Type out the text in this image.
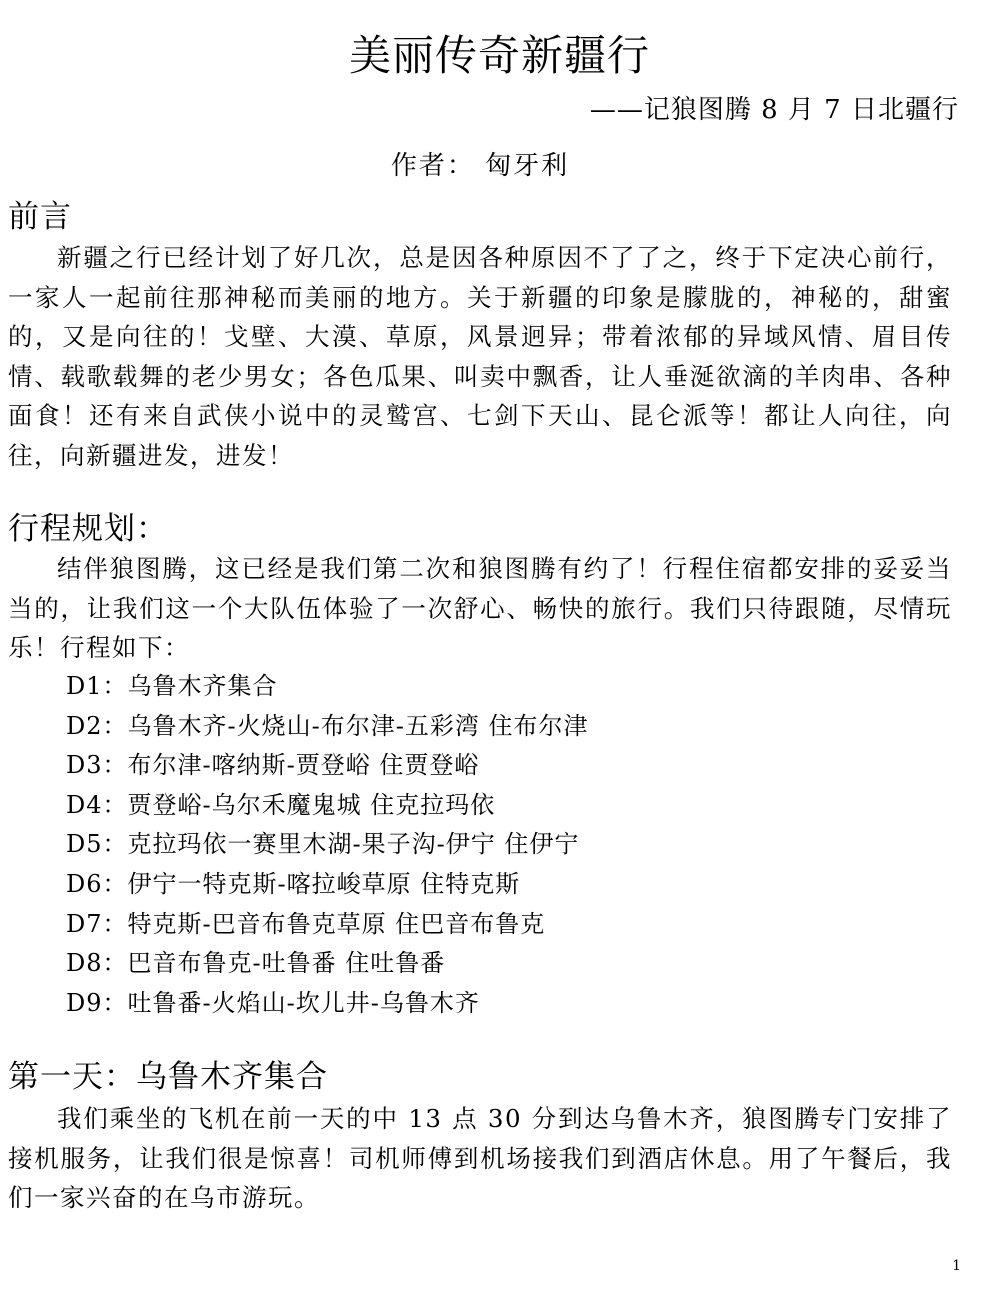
美丽传奇新疆行
——记狼图腾 8 月 7 日北疆行
作者： 匈牙利
前言
新疆之行已经计划了好几次，总是因各种原因不了了之，终于下定决心前行，一家人一起前往那神秘而美丽的地方。关于新疆的印象是朦胧的，神秘的，甜蜜的，又是向往的！戈壁、大漠、草原，风景迥异；带着浓郁的异域风情、眉目传情、载歌载舞的老少男女；各色瓜果、叫卖中飘香，让人垂涎欲滴的羊肉串、各种面食！还有来自武侠小说中的灵鹫宫、七剑下天山、昆仑派等！都让人向往，向往，向新疆进发，进发！
行程规划：
结伴狼图腾，这已经是我们第二次和狼图腾有约了！行程住宿都安排的妥妥当当的，让我们这一个大队伍体验了一次舒心、畅快的旅行。我们只待跟随，尽情玩乐！行程如下：
D1：乌鲁木齐集合
D2：乌鲁木齐-火烧山-布尔津-五彩湾 住布尔津
D3：布尔津-喀纳斯-贾登峪 住贾登峪
D4：贾登峪-乌尔禾魔鬼城 住克拉玛依
D5：克拉玛依一赛里木湖-果子沟-伊宁 住伊宁
D6：伊宁一特克斯-喀拉峻草原 住特克斯
D7：特克斯-巴音布鲁克草原 住巴音布鲁克
D8：巴音布鲁克-吐鲁番 住吐鲁番
D9：吐鲁番-火焰山-坎儿井-乌鲁木齐
第一天：乌鲁木齐集合
我们乘坐的飞机在前一天的中 13 点 30 分到达乌鲁木齐，狼图腾专门安排了接机服务，让我们很是惊喜！司机师傅到机场接我们到酒店休息。用了午餐后，我们一家兴奋的在乌市游玩。
1
